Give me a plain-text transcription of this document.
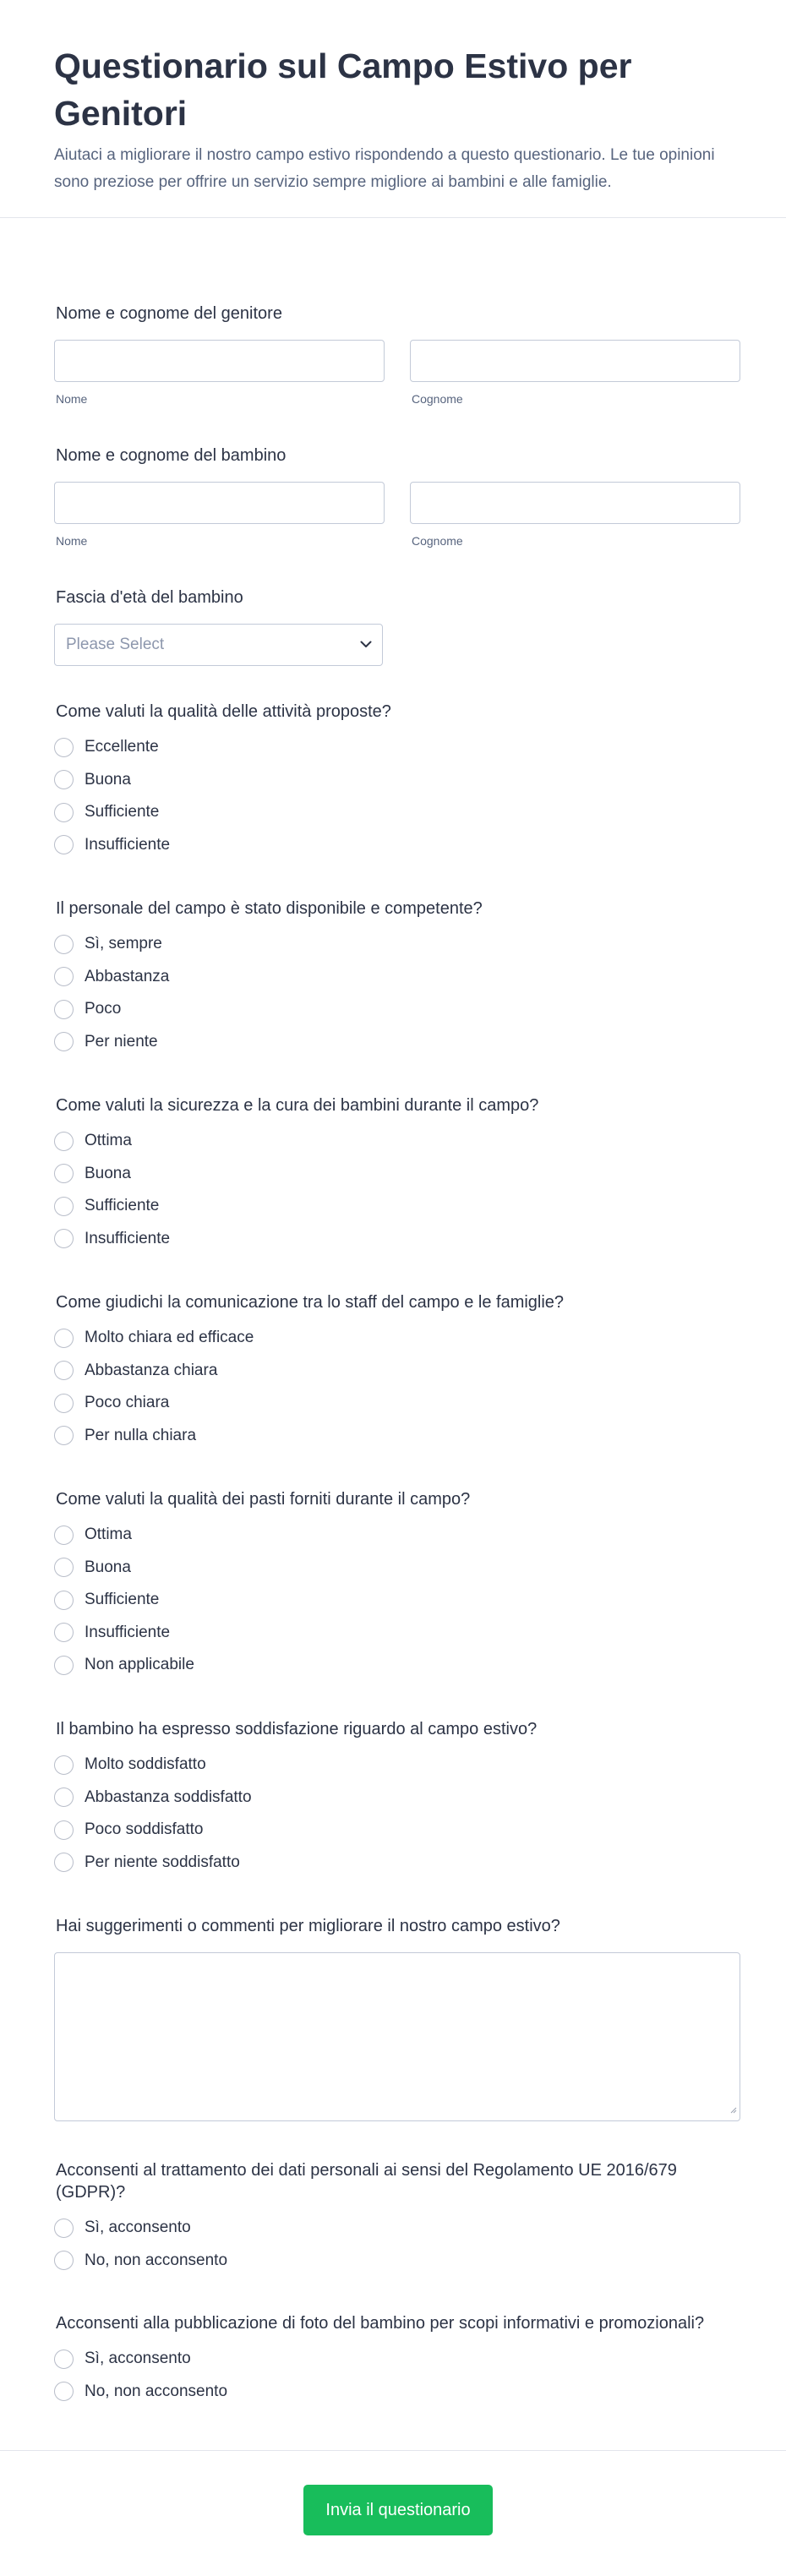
Questionario sul Campo Estivo per Genitori
Aiutaci a migliorare il nostro campo estivo rispondendo a questo questionario. Le tue opinioni sono preziose per offrire un servizio sempre migliore ai bambini e alle famiglie.
Nome e cognome del genitore
Nome	Cognome
Nome e cognome del bambino
Nome	Cognome
Fascia d'età del bambino
Please Select
Come valuti la qualità delle attività proposte?
Eccellente
Buona
Sufficiente
Insufficiente
Il personale del campo è stato disponibile e competente?
Sì, sempre
Abbastanza
Poco
Per niente
Come valuti la sicurezza e la cura dei bambini durante il campo?
Ottima
Buona
Sufficiente
Insufficiente
Come giudichi la comunicazione tra lo staff del campo e le famiglie?
Molto chiara ed efficace
Abbastanza chiara
Poco chiara
Per nulla chiara
Come valuti la qualità dei pasti forniti durante il campo?
Ottima
Buona
Sufficiente
Insufficiente
Non applicabile
Il bambino ha espresso soddisfazione riguardo al campo estivo?
Molto soddisfatto
Abbastanza soddisfatto
Poco soddisfatto
Per niente soddisfatto
Hai suggerimenti o commenti per migliorare il nostro campo estivo?
Acconsenti al trattamento dei dati personali ai sensi del Regolamento UE 2016/679 (GDPR)?
Sì, acconsento
No, non acconsento
Acconsenti alla pubblicazione di foto del bambino per scopi informativi e promozionali?
Sì, acconsento
No, non acconsento
Invia il questionario
